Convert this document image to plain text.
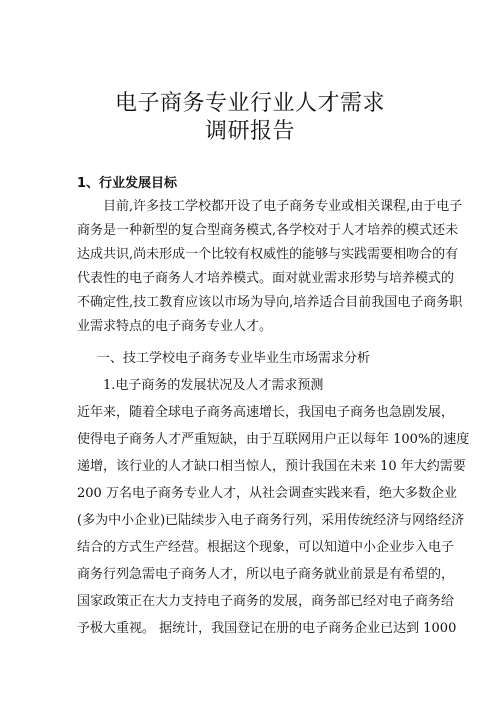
电子商务专业行业人才需求
调研报告
1、行业发展目标
目前,许多技工学校都开设了电子商务专业或相关课程,由于电子
商务是一种新型的复合型商务模式,各学校对于人才培养的模式还未
达成共识,尚未形成一个比较有权威性的能够与实践需要相吻合的有
代表性的电子商务人才培养模式。面对就业需求形势与培养模式的
不确定性,技工教育应该以市场为导向,培养适合目前我国电子商务职
业需求特点的电子商务专业人才。
一、技工学校电子商务专业毕业生市场需求分析
1.电子商务的发展状况及人才需求预测
近年来，随着全球电子商务高速增长，我国电子商务也急剧发展，
使得电子商务人才严重短缺，由于互联网用户正以每年 100%的速度
递增，该行业的人才缺口相当惊人，预计我国在未来 10 年大约需要
200 万名电子商务专业人才，从社会调查实践来看，绝大多数企业
(多为中小企业)已陆续步入电子商务行列，采用传统经济与网络经济
结合的方式生产经营。根据这个现象，可以知道中小企业步入电子
商务行列急需电子商务人才，所以电子商务就业前景是有希望的，
国家政策正在大力支持电子商务的发展，商务部已经对电子商务给
予极大重视。 据统计，我国登记在册的电子商务企业已达到 1000
